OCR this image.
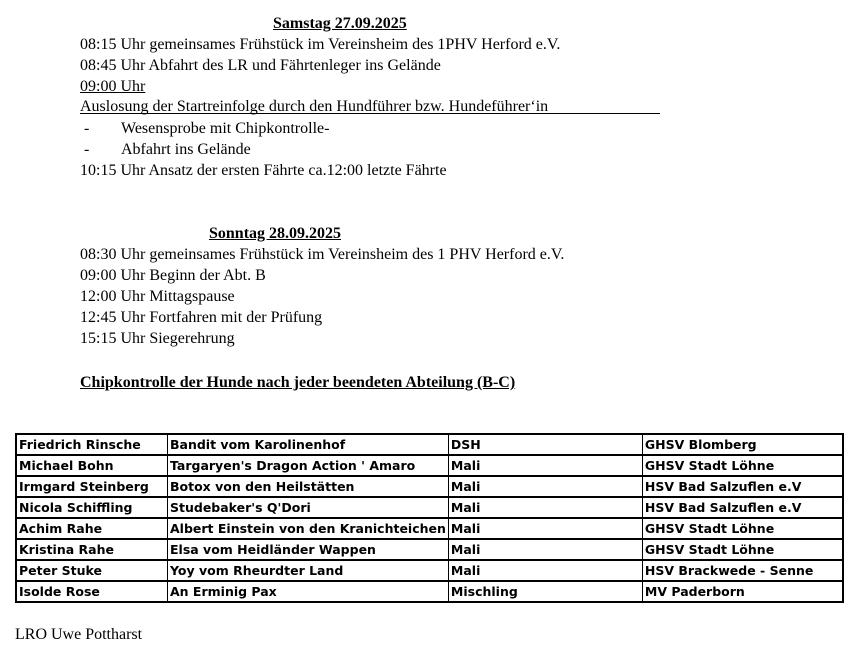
Samstag 27.09.2025
08:15 Uhr gemeinsames Frühstück im Vereinsheim des 1PHV Herford e.V.
08:45 Uhr Abfahrt des LR und Fährtenleger ins Gelände
09:00 Uhr
Auslosung der Startreinfolge durch den Hundführer bzw. Hundeführer‘in
- Wesensprobe mit Chipkontrolle-
- Abfahrt ins Gelände
10:15 Uhr Ansatz der ersten Fährte ca.12:00 letzte Fährte
Sonntag 28.09.2025
08:30 Uhr gemeinsames Frühstück im Vereinsheim des 1 PHV Herford e.V.
09:00 Uhr Beginn der Abt. B
12:00 Uhr Mittagspause
12:45 Uhr Fortfahren mit der Prüfung
15:15 Uhr Siegerehrung
Chipkontrolle der Hunde nach jeder beendeten Abteilung (B-C)
Friedrich Rinsche	Bandit vom Karolinenhof	DSH	GHSV Blomberg
Michael Bohn	Targaryen's Dragon Action ' Amaro	Mali	GHSV Stadt Löhne
Irmgard Steinberg	Botox von den Heilstätten	Mali	HSV Bad Salzuflen e.V
Nicola Schiffling	Studebaker's Q'Dori	Mali	HSV Bad Salzuflen e.V
Achim Rahe	Albert Einstein von den Kranichteichen	Mali	GHSV Stadt Löhne
Kristina Rahe	Elsa vom Heidländer Wappen	Mali	GHSV Stadt Löhne
Peter Stuke	Yoy vom Rheurdter Land	Mali	HSV Brackwede - Senne
Isolde Rose	An Erminig Pax	Mischling	MV Paderborn
LRO Uwe Pottharst
